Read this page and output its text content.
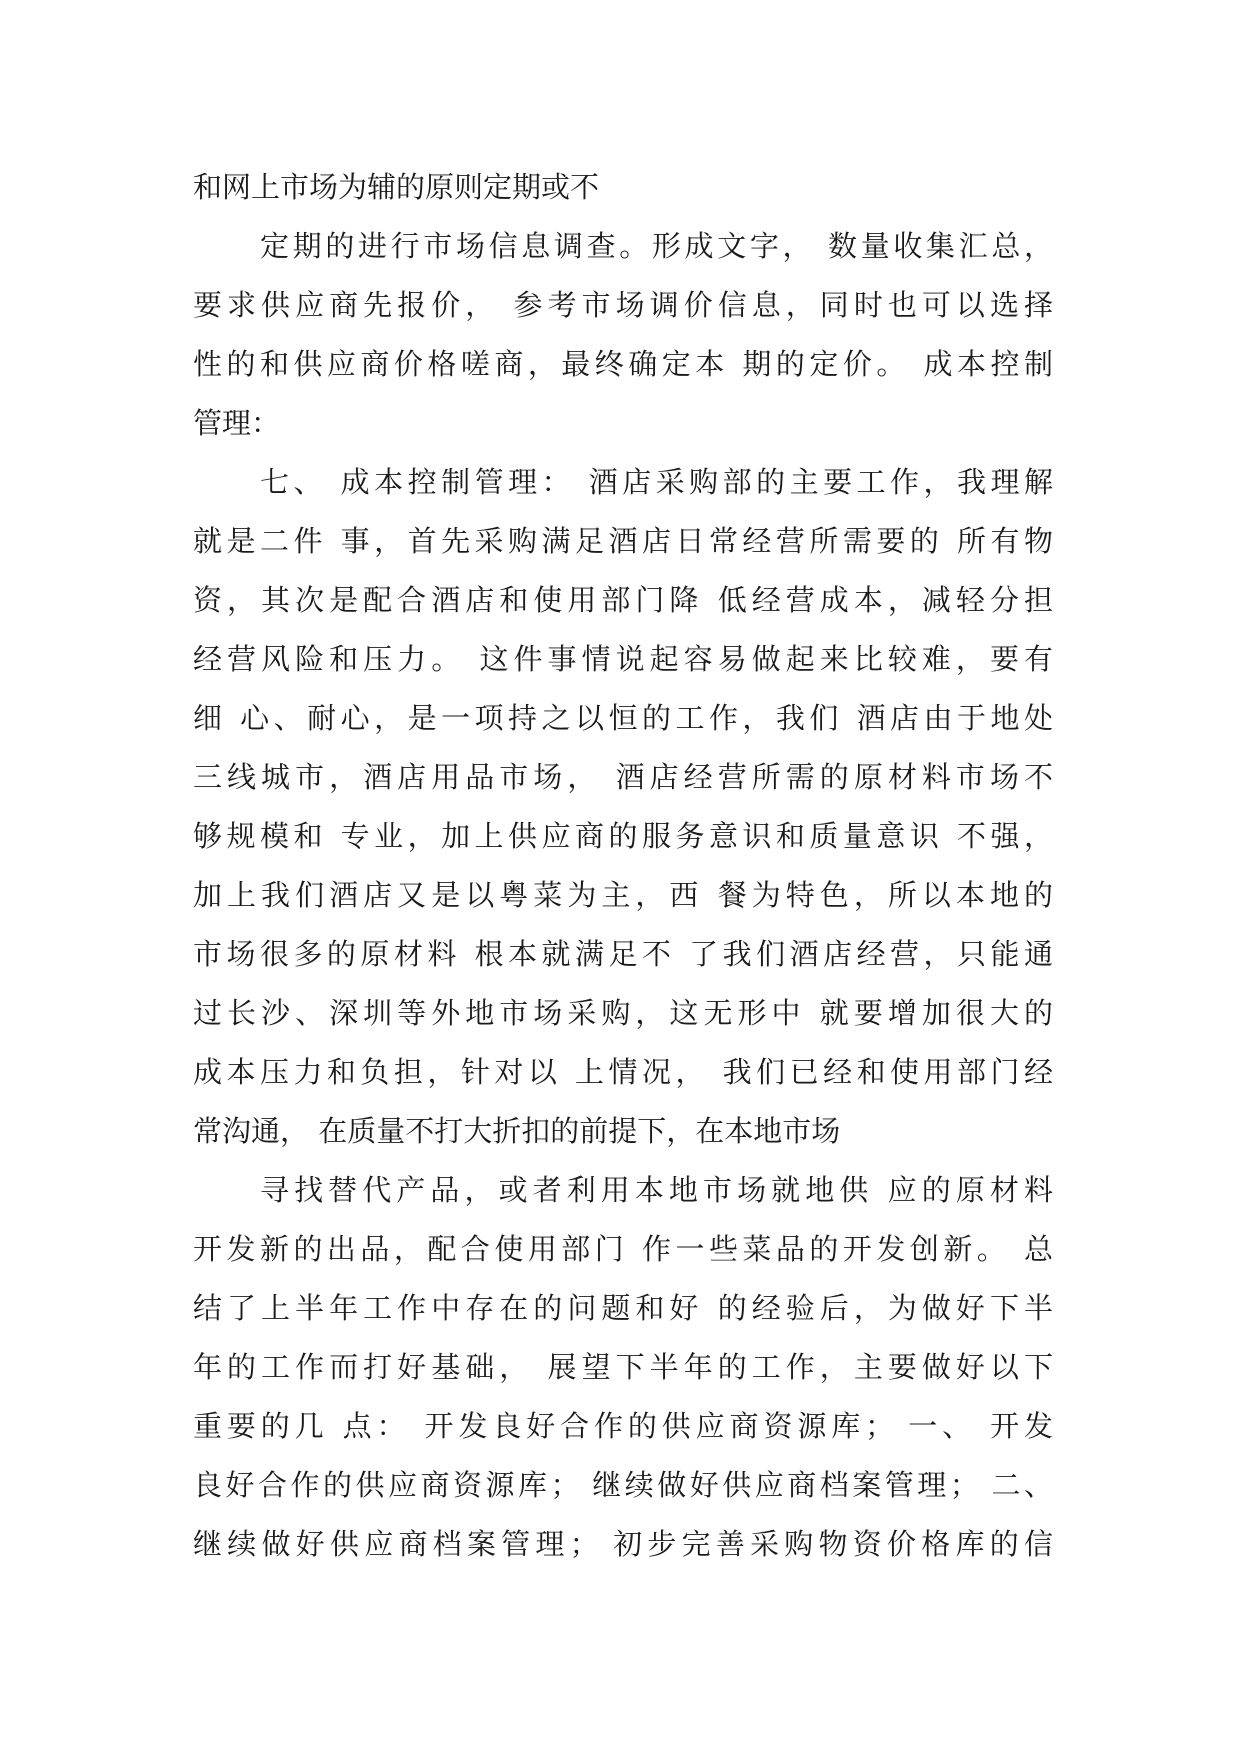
和网上市场为辅的原则定期或不
定期的进行市场信息调查。形成文字， 数量收集汇总，
要求供应商先报价， 参考市场调价信息，同时也可以选择
性的和供应商价格嗟商，最终确定本 期的定价。 成本控制
管理：
七、 成本控制管理： 酒店采购部的主要工作，我理解
就是二件 事，首先采购满足酒店日常经营所需要的 所有物
资，其次是配合酒店和使用部门降 低经营成本，减轻分担
经营风险和压力。 这件事情说起容易做起来比较难，要有
细 心、耐心，是一项持之以恒的工作，我们 酒店由于地处
三线城市，酒店用品市场， 酒店经营所需的原材料市场不
够规模和 专业，加上供应商的服务意识和质量意识 不强，
加上我们酒店又是以粤菜为主，西 餐为特色，所以本地的
市场很多的原材料 根本就满足不 了我们酒店经营，只能通
过长沙、深圳等外地市场采购，这无形中 就要增加很大的
成本压力和负担，针对以 上情况， 我们已经和使用部门经
常沟通， 在质量不打大折扣的前提下，在本地市场
寻找替代产品，或者利用本地市场就地供 应的原材料
开发新的出品，配合使用部门 作一些菜品的开发创新。 总
结了上半年工作中存在的问题和好 的经验后，为做好下半
年的工作而打好基础， 展望下半年的工作，主要做好以下
重要的几 点： 开发良好合作的供应商资源库； 一、 开发
良好合作的供应商资源库； 继续做好供应商档案管理； 二、
继续做好供应商档案管理； 初步完善采购物资价格库的信
